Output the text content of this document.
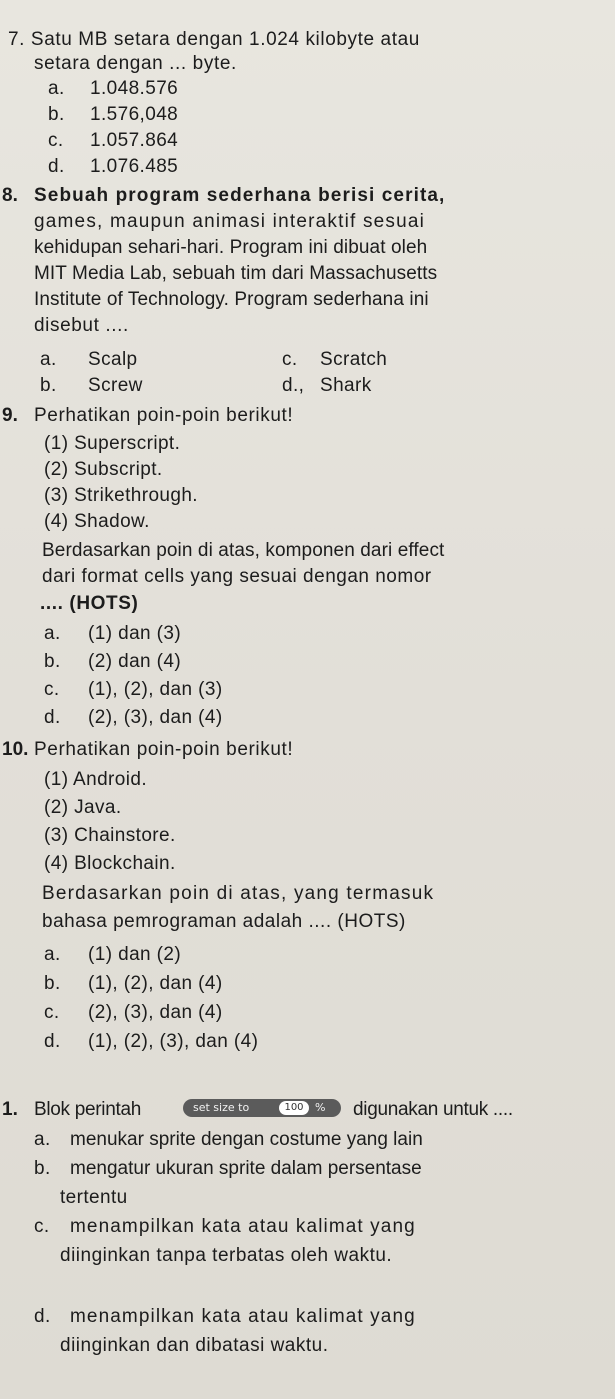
7. Satu MB setara dengan 1.024 kilobyte atau
setara dengan ... byte.
a. 1.048.576
b. 1.576,048
c. 1.057.864
d. 1.076.485
8. Sebuah program sederhana berisi cerita,
games, maupun animasi interaktif sesuai
kehidupan sehari-hari. Program ini dibuat oleh
MIT Media Lab, sebuah tim dari Massachusetts
Institute of Technology. Program sederhana ini
disebut ....
a. Scalp
b. Screw
c. Scratch
d., Shark
9. Perhatikan poin-poin berikut!
(1) Superscript.
(2) Subscript.
(3) Strikethrough.
(4) Shadow.
Berdasarkan poin di atas, komponen dari effect
dari format cells yang sesuai dengan nomor
.... (HOTS)
a. (1) dan (3)
b. (2) dan (4)
c. (1), (2), dan (3)
d. (2), (3), dan (4)
10. Perhatikan poin-poin berikut!
(1) Android.
(2) Java.
(3) Chainstore.
(4) Blockchain.
Berdasarkan poin di atas, yang termasuk
bahasa pemrograman adalah .... (HOTS)
a. (1) dan (2)
b. (1), (2), dan (4)
c. (2), (3), dan (4)
d. (1), (2), (3), dan (4)
1. Blok perintah	set size to	100	% digunakan untuk ....
a. menukar sprite dengan costume yang lain
b. mengatur ukuran sprite dalam persentase
tertentu
c. menampilkan kata atau kalimat yang
diinginkan tanpa terbatas oleh waktu.
d. menampilkan kata atau kalimat yang
diinginkan dan dibatasi waktu.
